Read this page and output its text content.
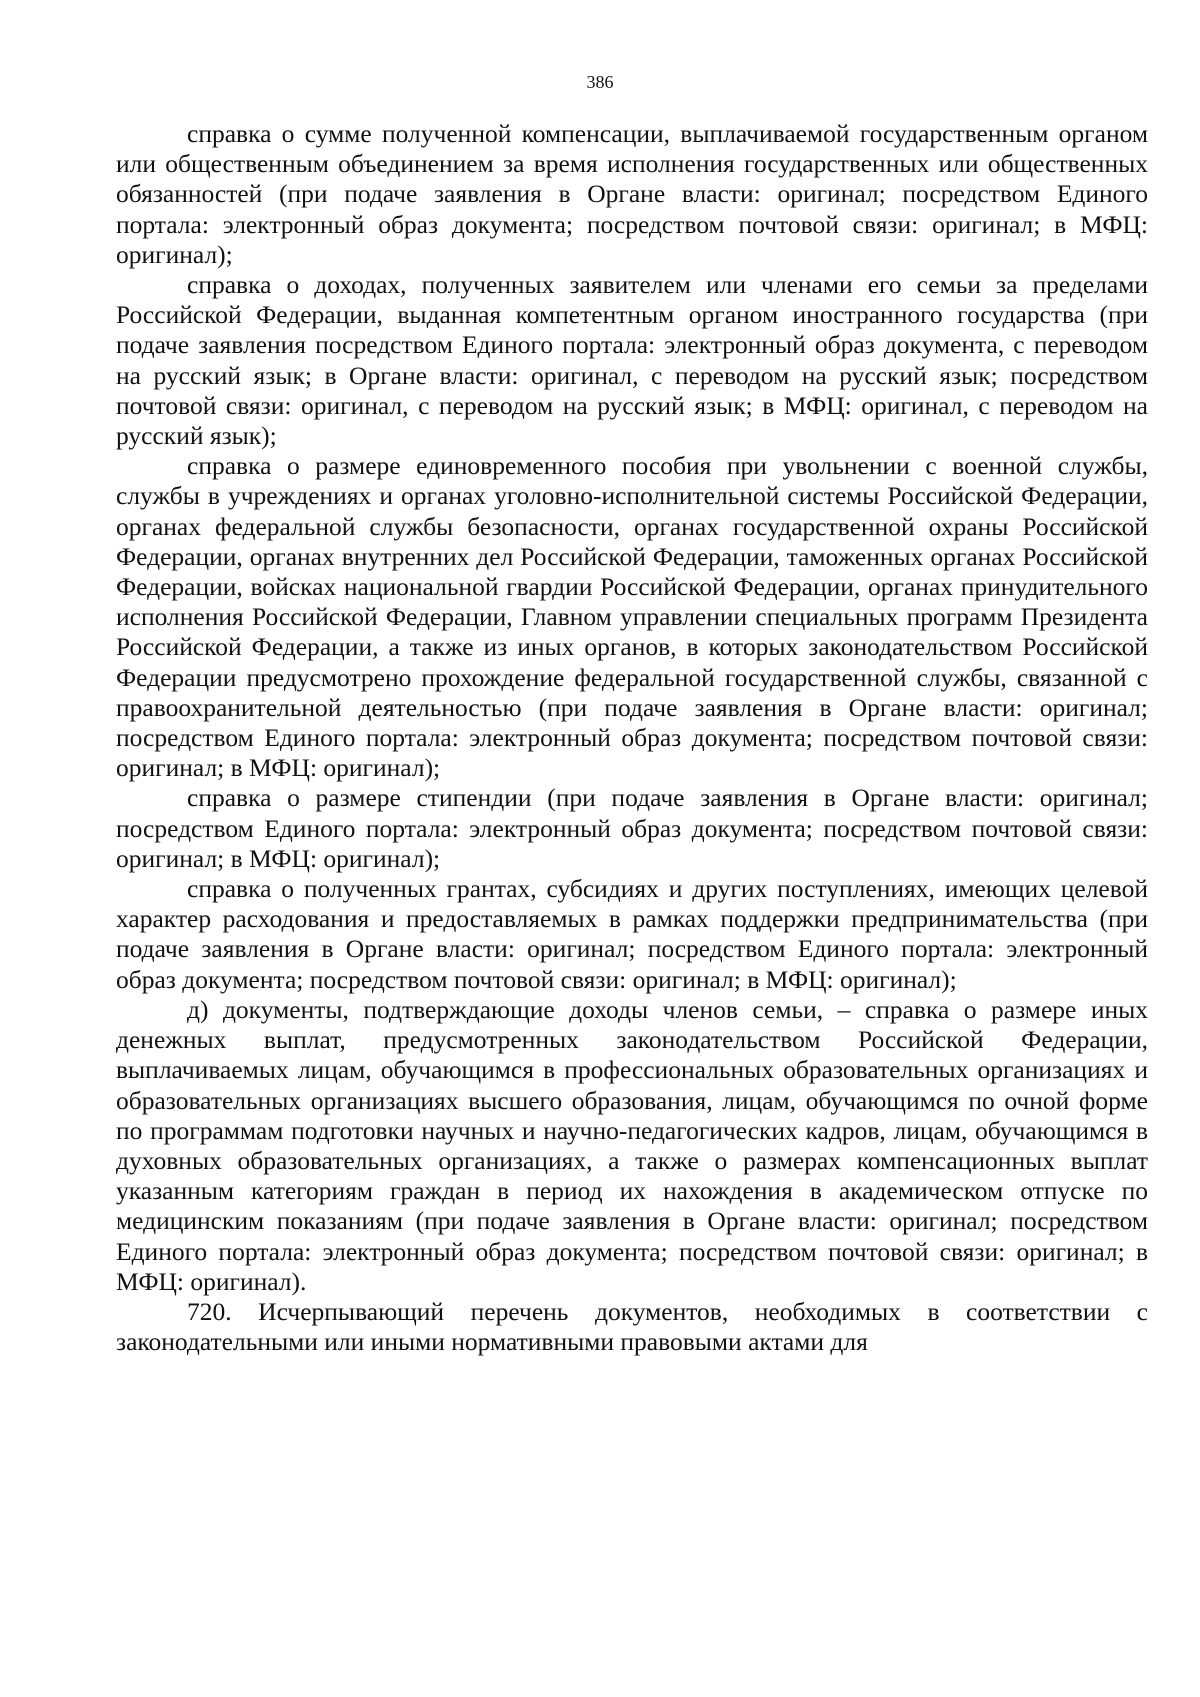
386

справка о сумме полученной компенсации, выплачиваемой государственным органом или общественным объединением за время исполнения государственных или общественных обязанностей (при подаче заявления в Органе власти: оригинал; посредством Единого портала: электронный образ документа; посредством почтовой связи: оригинал; в МФЦ: оригинал);

справка о доходах, полученных заявителем или членами его семьи за пределами Российской Федерации, выданная компетентным органом иностранного государства (при подаче заявления посредством Единого портала: электронный образ документа, с переводом на русский язык; в Органе власти: оригинал, с переводом на русский язык; посредством почтовой связи: оригинал, с переводом на русский язык; в МФЦ: оригинал, с переводом на русский язык);

справка о размере единовременного пособия при увольнении с военной службы, службы в учреждениях и органах уголовно-исполнительной системы Российской Федерации, органах федеральной службы безопасности, органах государственной охраны Российской Федерации, органах внутренних дел Российской Федерации, таможенных органах Российской Федерации, войсках национальной гвардии Российской Федерации, органах принудительного исполнения Российской Федерации, Главном управлении специальных программ Президента Российской Федерации, а также из иных органов, в которых законодательством Российской Федерации предусмотрено прохождение федеральной государственной службы, связанной с правоохранительной деятельностью (при подаче заявления в Органе власти: оригинал; посредством Единого портала: электронный образ документа; посредством почтовой связи: оригинал; в МФЦ: оригинал);

справка о размере стипендии (при подаче заявления в Органе власти: оригинал; посредством Единого портала: электронный образ документа; посредством почтовой связи: оригинал; в МФЦ: оригинал);

справка о полученных грантах, субсидиях и других поступлениях, имеющих целевой характер расходования и предоставляемых в рамках поддержки предпринимательства (при подаче заявления в Органе власти: оригинал; посредством Единого портала: электронный образ документа; посредством почтовой связи: оригинал; в МФЦ: оригинал);

д) документы, подтверждающие доходы членов семьи, – справка о размере иных денежных выплат, предусмотренных законодательством Российской Федерации, выплачиваемых лицам, обучающимся в профессиональных образовательных организациях и образовательных организациях высшего образования, лицам, обучающимся по очной форме по программам подготовки научных и научно-педагогических кадров, лицам, обучающимся в духовных образовательных организациях, а также о размерах компенсационных выплат указанным категориям граждан в период их нахождения в академическом отпуске по медицинским показаниям (при подаче заявления в Органе власти: оригинал; посредством Единого портала: электронный образ документа; посредством почтовой связи: оригинал; в МФЦ: оригинал).

720. Исчерпывающий перечень документов, необходимых в соответствии с законодательными или иными нормативными правовыми актами для
